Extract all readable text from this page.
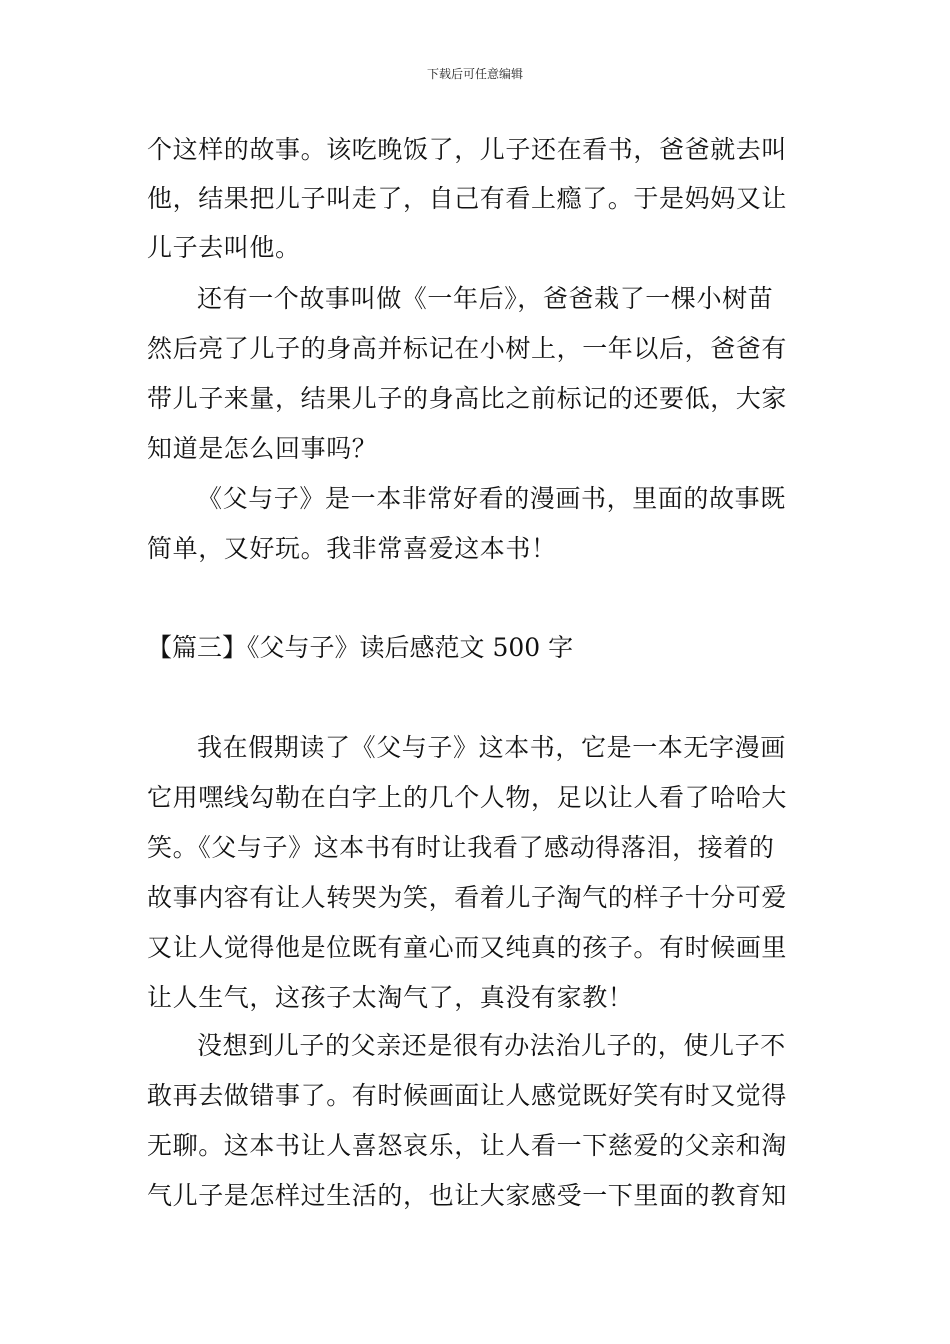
下载后可任意编辑
个这样的故事。该吃晚饭了，儿子还在看书，爸爸就去叫
他，结果把儿子叫走了，自己有看上瘾了。于是妈妈又让
儿子去叫他。
还有一个故事叫做《一年后》，爸爸栽了一棵小树苗
然后亮了儿子的身高并标记在小树上，一年以后，爸爸有
带儿子来量，结果儿子的身高比之前标记的还要低，大家
知道是怎么回事吗？
《父与子》是一本非常好看的漫画书，里面的故事既
简单，又好玩。我非常喜爱这本书！
【篇三】《父与子》读后感范文 500 字
我在假期读了《父与子》这本书，它是一本无字漫画
它用嘿线勾勒在白字上的几个人物，足以让人看了哈哈大
笑。《父与子》这本书有时让我看了感动得落泪，接着的
故事内容有让人转哭为笑，看着儿子淘气的样子十分可爱
又让人觉得他是位既有童心而又纯真的孩子。有时候画里
让人生气，这孩子太淘气了，真没有家教！
没想到儿子的父亲还是很有办法治儿子的，使儿子不
敢再去做错事了。有时候画面让人感觉既好笑有时又觉得
无聊。这本书让人喜怒哀乐，让人看一下慈爱的父亲和淘
气儿子是怎样过生活的，也让大家感受一下里面的教育知
